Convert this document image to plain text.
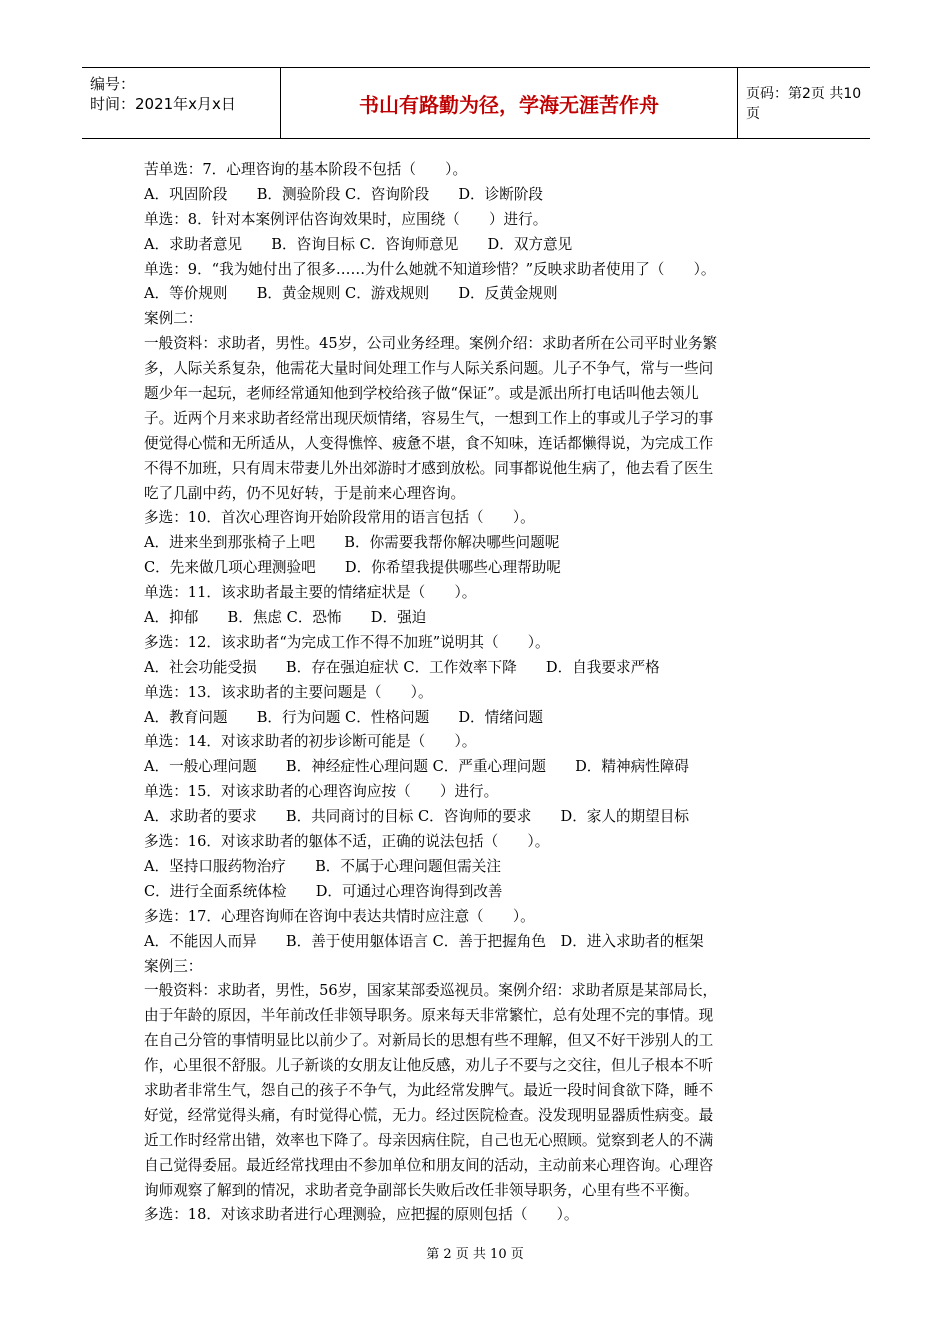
编号：
时间：2021年x月x日	书山有路勤为径，学海无涯苦作舟	页码：第2页 共10页
苦单选：7．心理咨询的基本阶段不包括（　　）。
A．巩固阶段　　B．测验阶段 C．咨询阶段　　D．诊断阶段
单选：8．针对本案例评估咨询效果时，应围绕（　　）进行。
A．求助者意见　　B．咨询目标 C．咨询师意见　　D．双方意见
单选：9．“我为她付出了很多……为什么她就不知道珍惜？”反映求助者使用了（　　）。
A．等价规则　　B．黄金规则 C．游戏规则　　D．反黄金规则
案例二：
一般资料：求助者，男性。45岁，公司业务经理。案例介绍：求助者所在公司平时业务繁
多，人际关系复杂，他需花大量时间处理工作与人际关系问题。儿子不争气，常与一些问
题少年一起玩，老师经常通知他到学校给孩子做“保证”。或是派出所打电话叫他去领儿
子。近两个月来求助者经常出现厌烦情绪，容易生气，一想到工作上的事或儿子学习的事
便觉得心慌和无所适从，人变得憔悴、疲惫不堪，食不知味，连话都懒得说，为完成工作
不得不加班，只有周末带妻儿外出郊游时才感到放松。同事都说他生病了，他去看了医生
吃了几副中药，仍不见好转，于是前来心理咨询。
多选：10．首次心理咨询开始阶段常用的语言包括（　　）。
A．进来坐到那张椅子上吧　　B．你需要我帮你解决哪些问题呢
C．先来做几项心理测验吧　　D．你希望我提供哪些心理帮助呢
单选：11．该求助者最主要的情绪症状是（　　）。
A．抑郁　　B．焦虑 C．恐怖　　D．强迫
多选：12．该求助者“为完成工作不得不加班”说明其（　　）。
A．社会功能受损　　B．存在强迫症状 C．工作效率下降　　D．自我要求严格
单选：13．该求助者的主要问题是（　　）。
A．教育问题　　B．行为问题 C．性格问题　　D．情绪问题
单选：14．对该求助者的初步诊断可能是（　　）。
A．一般心理问题　　B．神经症性心理问题 C．严重心理问题　　D．精神病性障碍
单选：15．对该求助者的心理咨询应按（　　）进行。
A．求助者的要求　　B．共同商讨的目标 C．咨询师的要求　　D．家人的期望目标
多选：16．对该求助者的躯体不适，正确的说法包括（　　）。
A．坚持口服药物治疗　　B．不属于心理问题但需关注
C．进行全面系统体检　　D．可通过心理咨询得到改善
多选：17．心理咨询师在咨询中表达共情时应注意（　　）。
A．不能因人而异　　B．善于使用躯体语言 C．善于把握角色　D．进入求助者的框架
案例三：
一般资料：求助者，男性，56岁，国家某部委巡视员。案例介绍：求助者原是某部局长，
由于年龄的原因，半年前改任非领导职务。原来每天非常繁忙，总有处理不完的事情。现
在自己分管的事情明显比以前少了。对新局长的思想有些不理解，但又不好干涉别人的工
作，心里很不舒服。儿子新谈的女朋友让他反感，劝儿子不要与之交往，但儿子根本不听
求助者非常生气，怨自己的孩子不争气，为此经常发脾气。最近一段时间食欲下降，睡不
好觉，经常觉得头痛，有时觉得心慌，无力。经过医院检查。没发现明显器质性病变。最
近工作时经常出错，效率也下降了。母亲因病住院，自己也无心照顾。觉察到老人的不满
自己觉得委屈。最近经常找理由不参加单位和朋友间的活动，主动前来心理咨询。心理咨
询师观察了解到的情况，求助者竞争副部长失败后改任非领导职务，心里有些不平衡。
多选：18．对该求助者进行心理测验，应把握的原则包括（　　）。
第 2 页 共 10 页
